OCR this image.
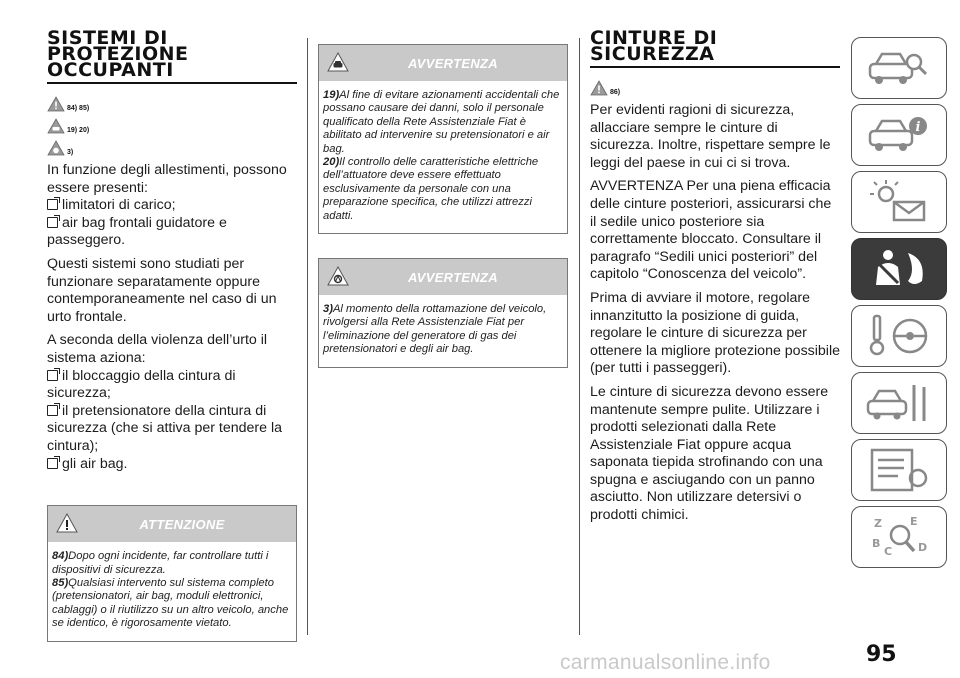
SISTEMI DI
PROTEZIONE
OCCUPANTI
84) 85)
19) 20)
3)

In funzione degli allestimenti, possono essere presenti:

limitatori di carico;
air bag frontali guidatore e passeggero.

Questi sistemi sono studiati per funzionare separatamente oppure contemporaneamente nel caso di un urto frontale.

A seconda della violenza dell’urto il sistema aziona:

il bloccaggio della cintura di sicurezza;
il pretensionatore della cintura di sicurezza (che si attiva per tendere la cintura);
gli air bag.
ATTENZIONE
84)Dopo ogni incidente, far controllare tutti i dispositivi di sicurezza.
85)Qualsiasi intervento sul sistema completo (pretensionatori, air bag, moduli elettronici, cablaggi) o il riutilizzo su un altro veicolo, anche se identico, è rigorosamente vietato.
AVVERTENZA
19)Al fine di evitare azionamenti accidentali che possano causare dei danni, solo il personale qualificato della Rete Assistenziale Fiat è abilitato ad intervenire su pretensionatori e air bag.
20)Il controllo delle caratteristiche elettriche dell’attuatore deve essere effettuato esclusivamente da personale con una preparazione specifica, che utilizzi attrezzi adatti.
AVVERTENZA
3)Al momento della rottamazione del veicolo, rivolgersi alla Rete Assistenziale Fiat per l’eliminazione del generatore di gas dei pretensionatori e degli air bag.
CINTURE DI
SICUREZZA
86)

Per evidenti ragioni di sicurezza, allacciare sempre le cinture di sicurezza. Inoltre, rispettare sempre le leggi del paese in cui ci si trova.

AVVERTENZA Per una piena efficacia delle cinture posteriori, assicurarsi che il sedile unico posteriore sia correttamente bloccato. Consultare il paragrafo “Sedili unici posteriori” del capitolo “Conoscenza del veicolo”.

Prima di avviare il motore, regolare innanzitutto la posizione di guida, regolare le cinture di sicurezza per ottenere la migliore protezione possibile (per tutti i passeggeri).

Le cinture di sicurezza devono essere mantenute sempre pulite. Utilizzare i prodotti selezionati dalla Rete Assistenziale Fiat oppure acqua saponata tiepida strofinando con una spugna e asciugando con un panno asciutto. Non utilizzare detersivi o prodotti chimici.

i
Z	E
B
C D
95
carmanualsonline.info
